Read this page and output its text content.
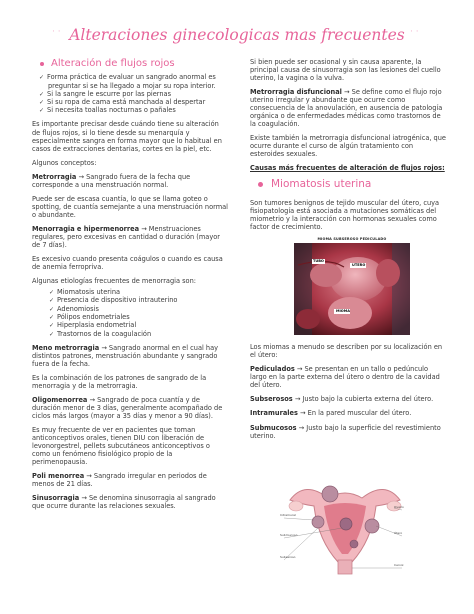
· · Alteraciones ginecologicas mas frecuentes · ·
Alteración de flujos rojos
✓ Forma práctica de evaluar un sangrado anormal es preguntar si se ha llegado a mojar su ropa interior.
✓ Si la sangre le escurre por las piernas
✓ Si su ropa de cama está manchada al despertar
✓ Si necesita toallas nocturnas o pañales

Es importante precisar desde cuándo tiene su alteración de flujos rojos, si lo tiene desde su menarquía y especialmente sangra en forma mayor que lo habitual en casos de extracciones dentarias, cortes en la piel, etc.

Algunos conceptos:

Metrorragia → Sangrado fuera de la fecha que corresponde a una menstruación normal.

Puede ser de escasa cuantía, lo que se llama goteo o spotting, de cuantía semejante a una menstruación normal o abundante.

Menorragia e hipermenorrea → Menstruaciones regulares, pero excesivas en cantidad o duración (mayor de 7 días).

Es excesivo cuando presenta coágulos o cuando es causa de anemia ferropriva.

Algunas etiologías frecuentes de menorragia son:

✓ Miomatosis uterina
✓ Presencia de dispositivo intrauterino
✓ Adenomiosis
✓ Pólipos endometriales
✓ Hiperplasia endometrial
✓ Trastornos de la coagulación

Meno metrorragia → Sangrado anormal en el cual hay distintos patrones, menstruación abundante y sangrado fuera de la fecha.

Es la combinación de los patrones de sangrado de la menorragia y de la metrorragia.

Oligomenorrea → Sangrado de poca cuantía y de duración menor de 3 días, generalmente acompañado de ciclos más largos (mayor a 35 días y menor a 90 días).

Es muy frecuente de ver en pacientes que toman anticonceptivos orales, tienen DIU con liberación de levonorgestrel, pellets subcutáneos anticonceptivos o como un fenómeno fisiológico propio de la perimenopausia.

Poli menorrea → Sangrado irregular en periodos de menos de 21 días.

Sinusorragia → Se denomina sinusorragia al sangrado que ocurre durante las relaciones sexuales.

Si bien puede ser ocasional y sin causa aparente, la principal causa de sinusorragia son las lesiones del cuello uterino, la vagina o la vulva.

Metrorragia disfuncional → Se define como el flujo rojo uterino irregular y abundante que ocurre como consecuencia de la anovulación, en ausencia de patología orgánica o de enfermedades médicas como trastornos de la coagulación.

Existe también la metrorragia disfuncional iatrogénica, que ocurre durante el curso de algún tratamiento con esteroides sexuales.

Causas más frecuentes de alteración de flujos rojos:

Miomatosis uterina

Son tumores benignos de tejido muscular del útero, cuya fisiopatología está asociada a mutaciones somáticas del miometrio y la interacción con hormonas sexuales como factor de crecimiento.

MIOMA SUBSEROSO PEDICULADO
TUBO
UTERO
MIOMA

Los miomas a menudo se describen por su localización en el útero:

Pediculados → Se presentan en un tallo o pedúnculo largo en la parte externa del útero o dentro de la cavidad del útero.

Subserosos → Justo bajo la cubierta externa del útero.

Intramurales → En la pared muscular del útero.

Submucosos → Justo bajo la superficie del revestimiento uterino.

Intramural
Submucoso
Subseroso
Ovario
Útero
Cervix
